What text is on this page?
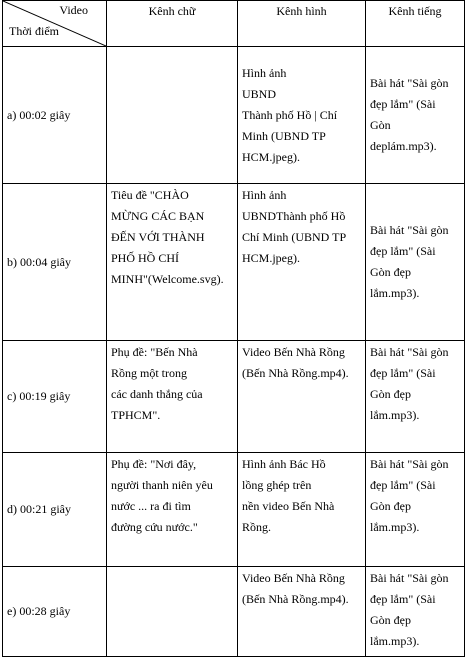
Video
Thời điểm	Kênh chữ	Kênh hình	Kênh tiếng
a) 00:02 giây		Hình ảnh
UBND
Thành phố Hồ | Chí
Minh (UBND TP
HCM.jpeg).	Bài hát "Sài gòn
đẹp lắm" (Sài
Gòn
deplám.mp3).

b) 00:04 giây	Tiêu đề "CHÀO
MỪNG CÁC BẠN
ĐẾN VỚI THÀNH
PHỐ HỒ CHÍ
MINH"(Welcome.svg).	Hình ảnh
UBNDThành phố Hồ
Chí Minh (UBND TP
HCM.jpeg).	Bài hát "Sài gòn
đẹp lắm" (Sài
Gòn đẹp
lắm.mp3).

c) 00:19 giây	Phụ đề: "Bến Nhà
Rồng một trong
các danh thắng của
TPHCM".	Video Bến Nhà Rồng
(Bến Nhà Rồng.mp4).	Bài hát "Sài gòn
đẹp lắm" (Sài
Gòn đẹp
lắm.mp3).

d) 00:21 giây	Phụ đề: "Nơi đây,
người thanh niên yêu
nước ... ra đi tìm
đường cứu nước."	Hình ảnh Bác Hồ
lồng ghép trên
nền video Bến Nhà
Rồng.	Bài hát "Sài gòn
đẹp lắm" (Sài
Gòn đẹp
lắm.mp3).

e) 00:28 giây		Video Bến Nhà Rồng
(Bến Nhà Rồng.mp4).	Bài hát "Sài gòn
đẹp lắm" (Sài
Gòn đẹp
lắm.mp3).
